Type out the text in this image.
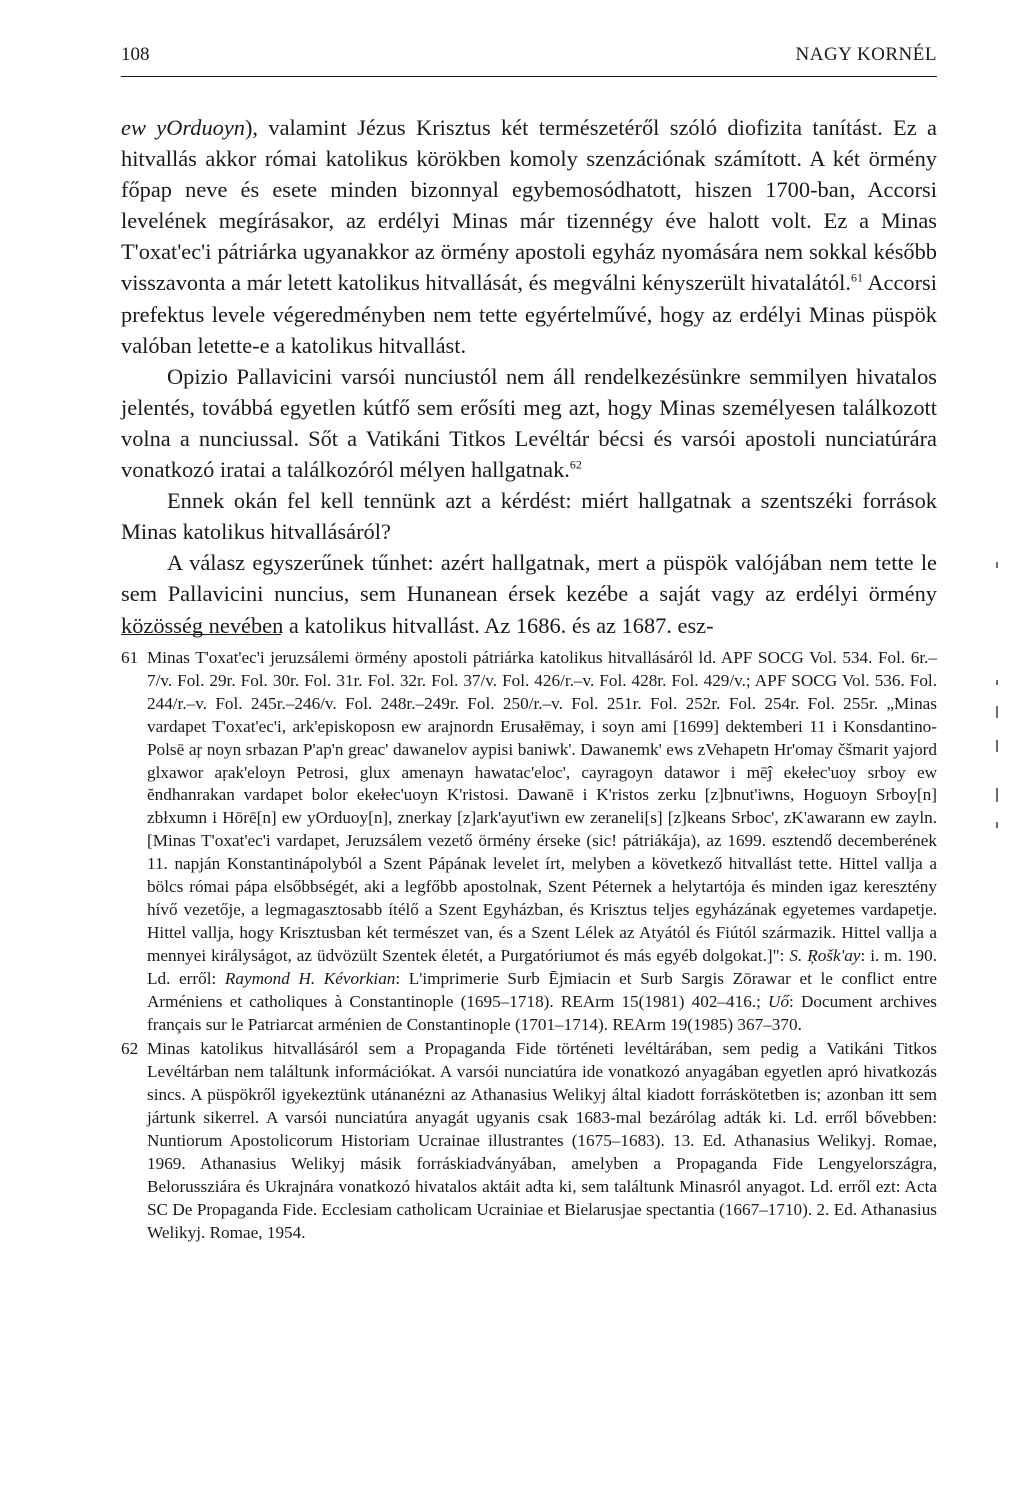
108	NAGY KORNÉL

ew yOrduoyn), valamint Jézus Krisztus két természetéről szóló diofizita tanítást. Ez a hitvallás akkor római katolikus körökben komoly szenzációnak számított. A két örmény főpap neve és esete minden bizonnyal egybemosódhatott, hiszen 1700-ban, Accorsi levelének megírásakor, az erdélyi Minas már tizennégy éve halott volt. Ez a Minas T'oxat'ec'i pátriárka ugyanakkor az örmény apostoli egyház nyomására nem sokkal később visszavonta a már letett katolikus hitvallását, és megválni kényszerült hivatalától.$^{61}$ Accorsi prefektus levele végeredményben nem tette egyértelművé, hogy az erdélyi Minas püspök valóban letette-e a katolikus hitvallást.

Opizio Pallavicini varsói nunciustól nem áll rendelkezésünkre semmilyen hivatalos jelentés, továbbá egyetlen kútfő sem erősíti meg azt, hogy Minas személyesen találkozott volna a nunciussal. Sőt a Vatikáni Titkos Levéltár bécsi és varsói apostoli nunciatúrára vonatkozó iratai a találkozóról mélyen hallgatnak.$^{62}$

Ennek okán fel kell tennünk azt a kérdést: miért hallgatnak a szentszéki források Minas katolikus hitvallásáról?

A válasz egyszerűnek tűnhet: azért hallgatnak, mert a püspök valójában nem tette le sem Pallavicini nuncius, sem Hunanean érsek kezébe a saját vagy az erdélyi örmény közösség nevében a katolikus hitvallást. Az 1686. és az 1687. esz-

61 Minas T'oxat'ec'i jeruzsálemi örmény apostoli pátriárka katolikus hitvallásáról ld. APF SOCG Vol. 534. Fol. 6r.–7/v. Fol. 29r. Fol. 30r. Fol. 31r. Fol. 32r. Fol. 37/v. Fol. 426/r.–v. Fol. 428r. Fol. 429/v.; APF SOCG Vol. 536. Fol. 244/r.–v. Fol. 245r.–246/v. Fol. 248r.–249r. Fol. 250/r.–v. Fol. 251r. Fol. 252r. Fol. 254r. Fol. 255r. „Minas vardapet T'oxat'ec'i, ark'episkoposn ew arajnordn Erusałēmay, i soyn ami [1699] dektemberi 11 i Konsdantino-Polsē aŗ noyn srbazan P'ap'n greac' dawanelov aypisi baniwk'. Dawanemk' ews zVehapetn Hr'omay čšmarit yajord glxawor aŗak'eloyn Petrosi, glux amenayn hawatac'eloc', cayragoyn datawor i mēĵ ekełec'uoy srboy ew ĕndhanrakan vardapet bolor ekełec'uoyn K'ristosi. Dawanē i K'ristos zerku [z]bnut'iwns, Hoguoyn Srboy[n] zbłxumn i Hōrē[n] ew yOrduoy[n], znerkay [z]ark'ayut'iwn ew zeraneli[s] [z]keans Srboc', zK'awarann ew zayln. [Minas T'oxat'ec'i vardapet, Jeruzsálem vezető örmény érseke (sic! pátriákája), az 1699. esztendő decemberének 11. napján Konstantinápolyból a Szent Pápának levelet írt, melyben a következő hitvallást tette. Hittel vallja a bölcs római pápa elsőbbségét, aki a legfőbb apostolnak, Szent Péternek a helytartója és minden igaz keresztény hívő vezetője, a legmagasztosabb ítélő a Szent Egyházban, és Krisztus teljes egyházának egyetemes vardapetje. Hittel vallja, hogy Krisztusban két természet van, és a Szent Lélek az Atyától és Fiútól származik. Hittel vallja a mennyei királyságot, az üdvözült Szentek életét, a Purgatóriumot és más egyéb dolgokat.]": S. Ŗošk'ay: i. m. 190. Ld. erről: Raymond H. Kévorkian: L'imprimerie Surb Ējmiacin et Surb Sargis Zōrawar et le conflict entre Arméniens et catholiques à Constantinople (1695–1718). REArm 15(1981) 402–416.; Uő: Document archives français sur le Patriarcat arménien de Constantinople (1701–1714). REArm 19(1985) 367–370.

62 Minas katolikus hitvallásáról sem a Propaganda Fide történeti levéltárában, sem pedig a Vatikáni Titkos Levéltárban nem találtunk információkat. A varsói nunciatúra ide vonatkozó anyagában egyetlen apró hivatkozás sincs. A püspökről igyekeztünk utánanézni az Athanasius Welikyj által kiadott forráskötetben is; azonban itt sem jártunk sikerrel. A varsói nunciatúra anyagát ugyanis csak 1683-mal bezárólag adták ki. Ld. erről bővebben: Nuntiorum Apostolicorum Historiam Ucrainae illustrantes (1675–1683). 13. Ed. Athanasius Welikyj. Romae, 1969. Athanasius Welikyj másik forráskiadványában, amelyben a Propaganda Fide Lengyelországra, Belorussziára és Ukrajnára vonatkozó hivatalos aktáit adta ki, sem találtunk Minasról anyagot. Ld. erről ezt: Acta SC De Propaganda Fide. Ecclesiam catholicam Ucrainiae et Bielarusjae spectantia (1667–1710). 2. Ed. Athanasius Welikyj. Romae, 1954.
